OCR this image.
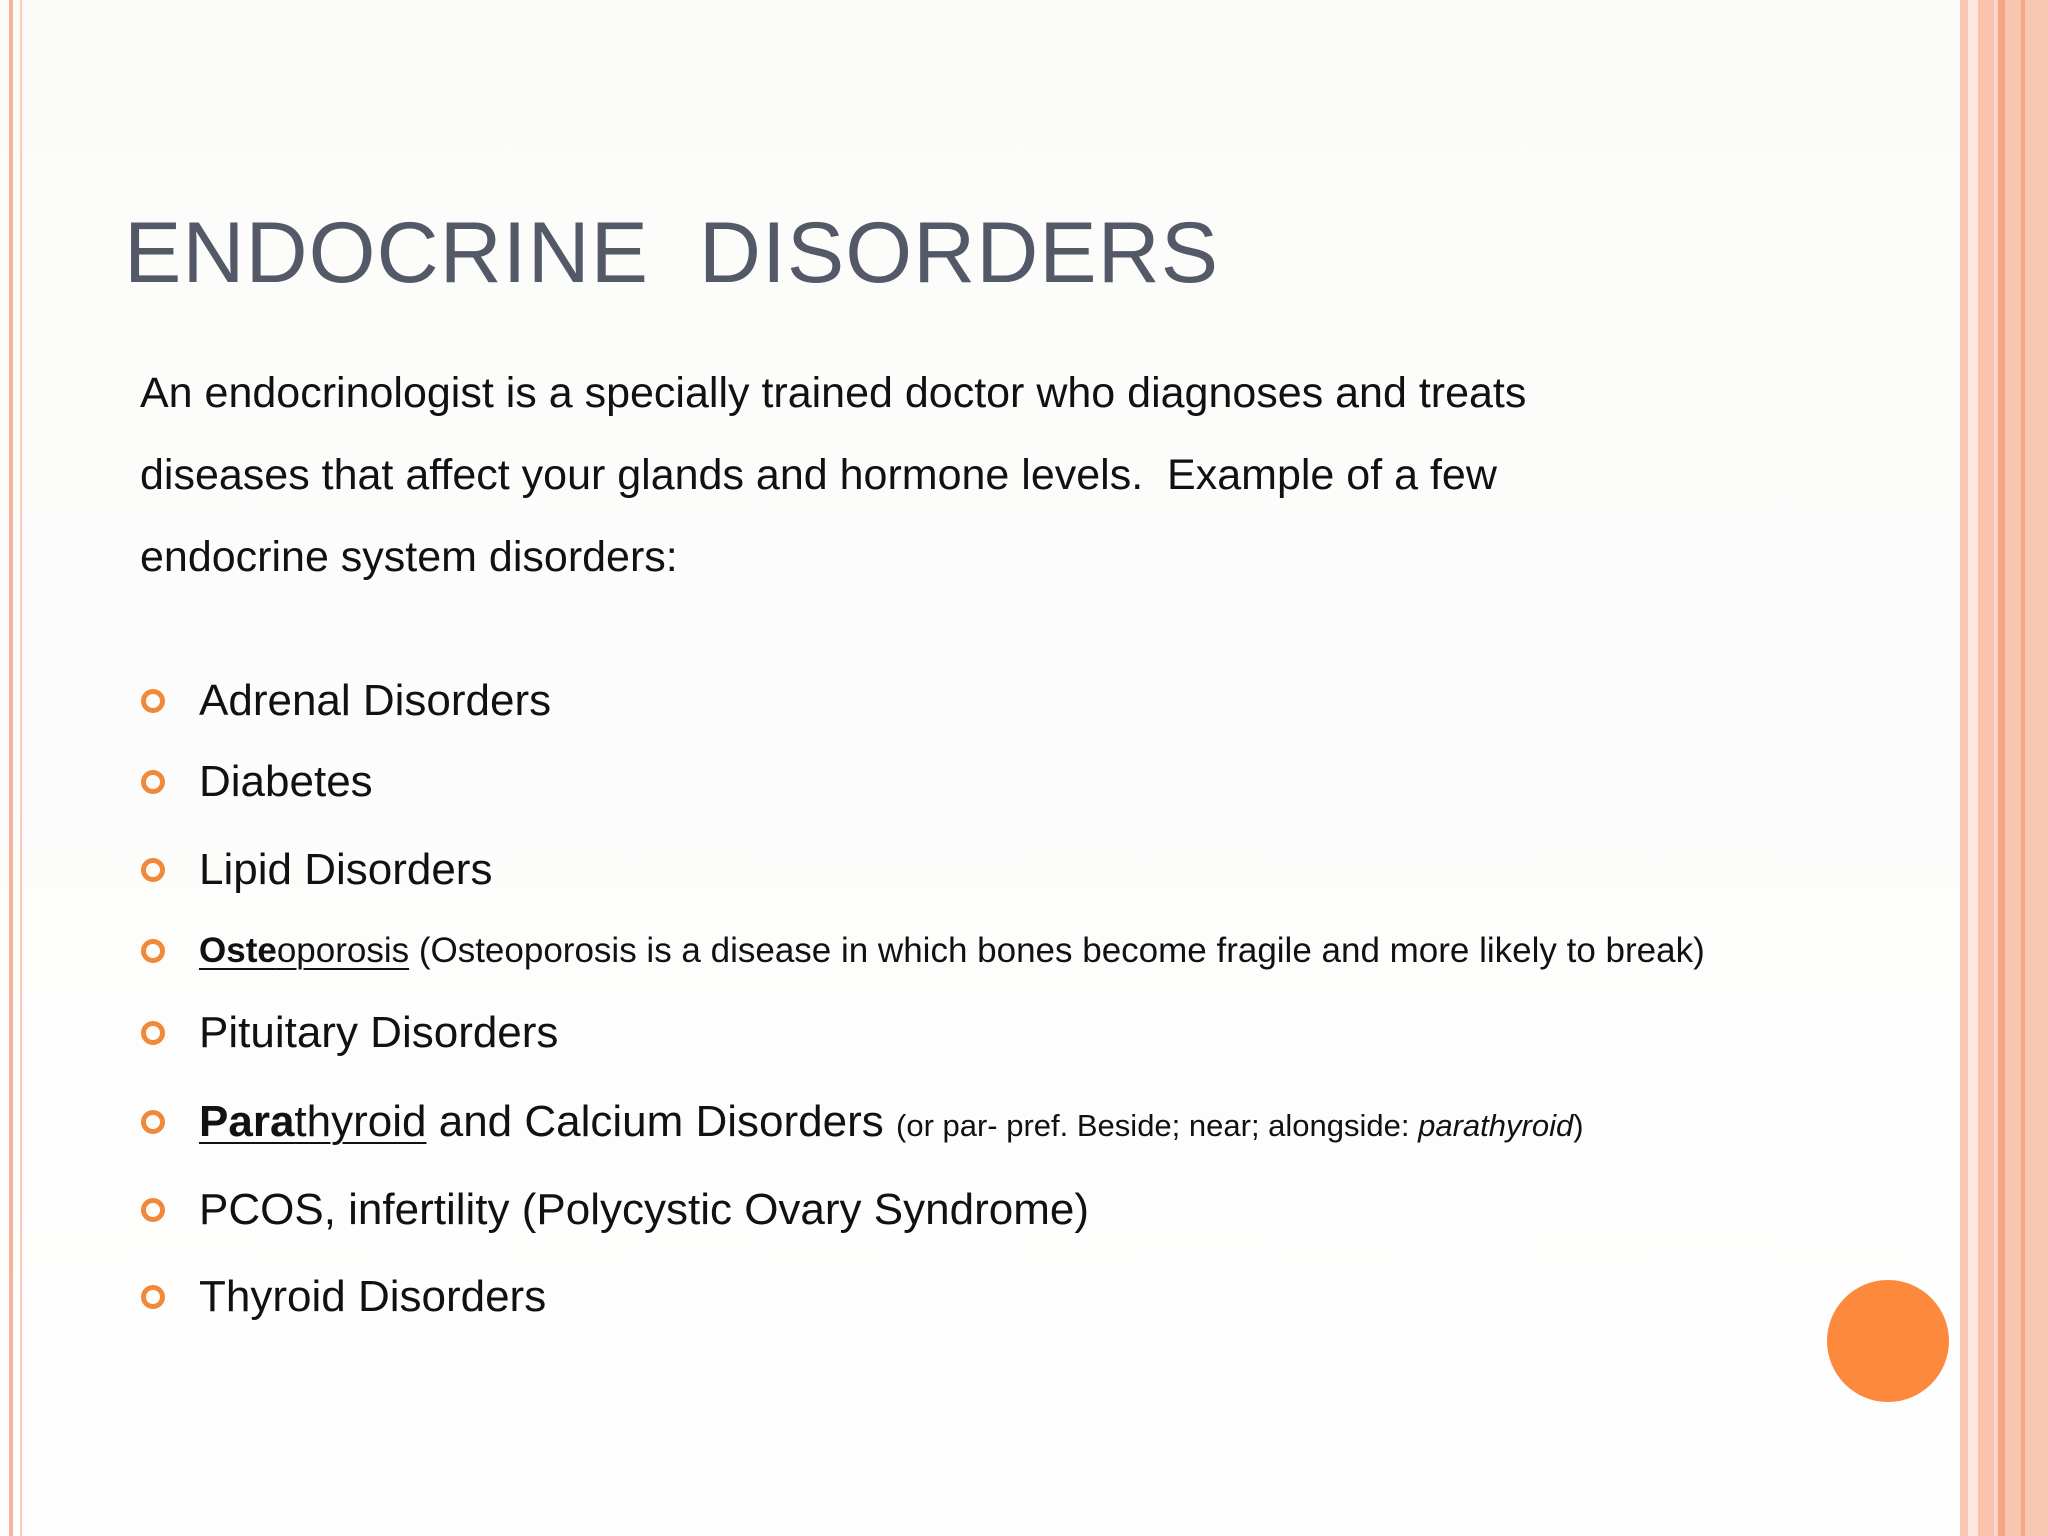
ENDOCRINE  DISORDERS
An endocrinologist is a specially trained doctor who diagnoses and treats
diseases that affect your glands and hormone levels.  Example of a few
endocrine system disorders:
Adrenal Disorders
Diabetes
Lipid Disorders
Osteoporosis (Osteoporosis is a disease in which bones become fragile and more likely to break)
Pituitary Disorders
Parathyroid and Calcium Disorders (or par- pref. Beside; near; alongside: parathyroid)
PCOS, infertility (Polycystic Ovary Syndrome)
Thyroid Disorders
